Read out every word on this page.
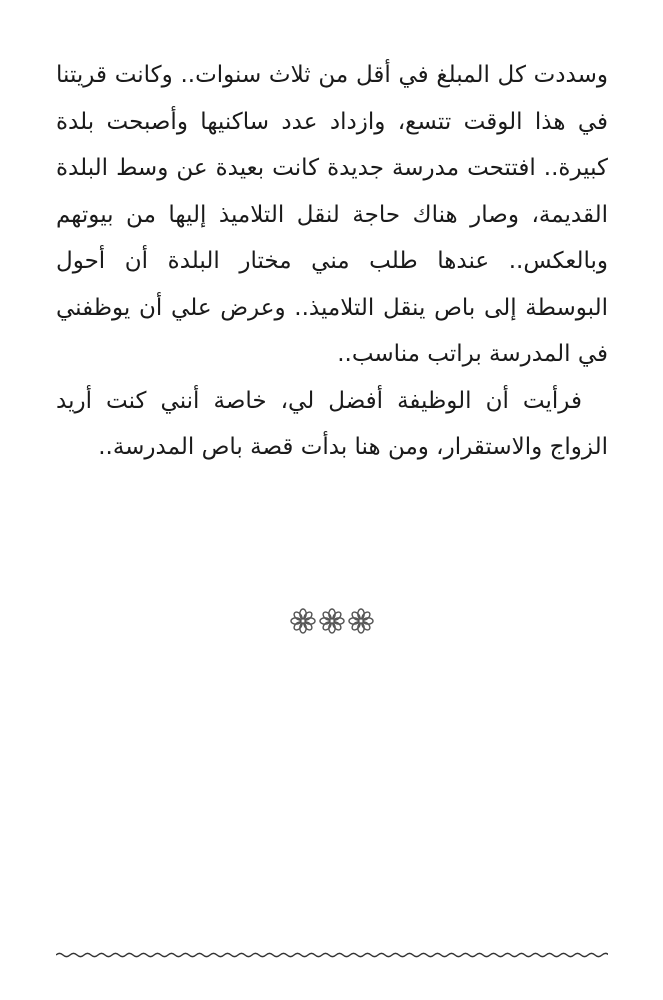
وسددت كل المبلغ في أقل من ثلاث سنوات.. وكانت قريتنا في هذا الوقت تتسع، وازداد عدد ساكنيها وأصبحت بلدة كبيرة.. افتتحت مدرسة جديدة كانت بعيدة عن وسط البلدة القديمة، وصار هناك حاجة لنقل التلاميذ إليها من بيوتهم وبالعكس.. عندها طلب مني مختار البلدة أن أحول البوسطة إلى باص ينقل التلاميذ.. وعرض علي أن يوظفني في المدرسة براتب مناسب..

فرأيت أن الوظيفة أفضل لي، خاصة أنني كنت أريد الزواج والاستقرار، ومن هنا بدأت قصة باص المدرسة..
